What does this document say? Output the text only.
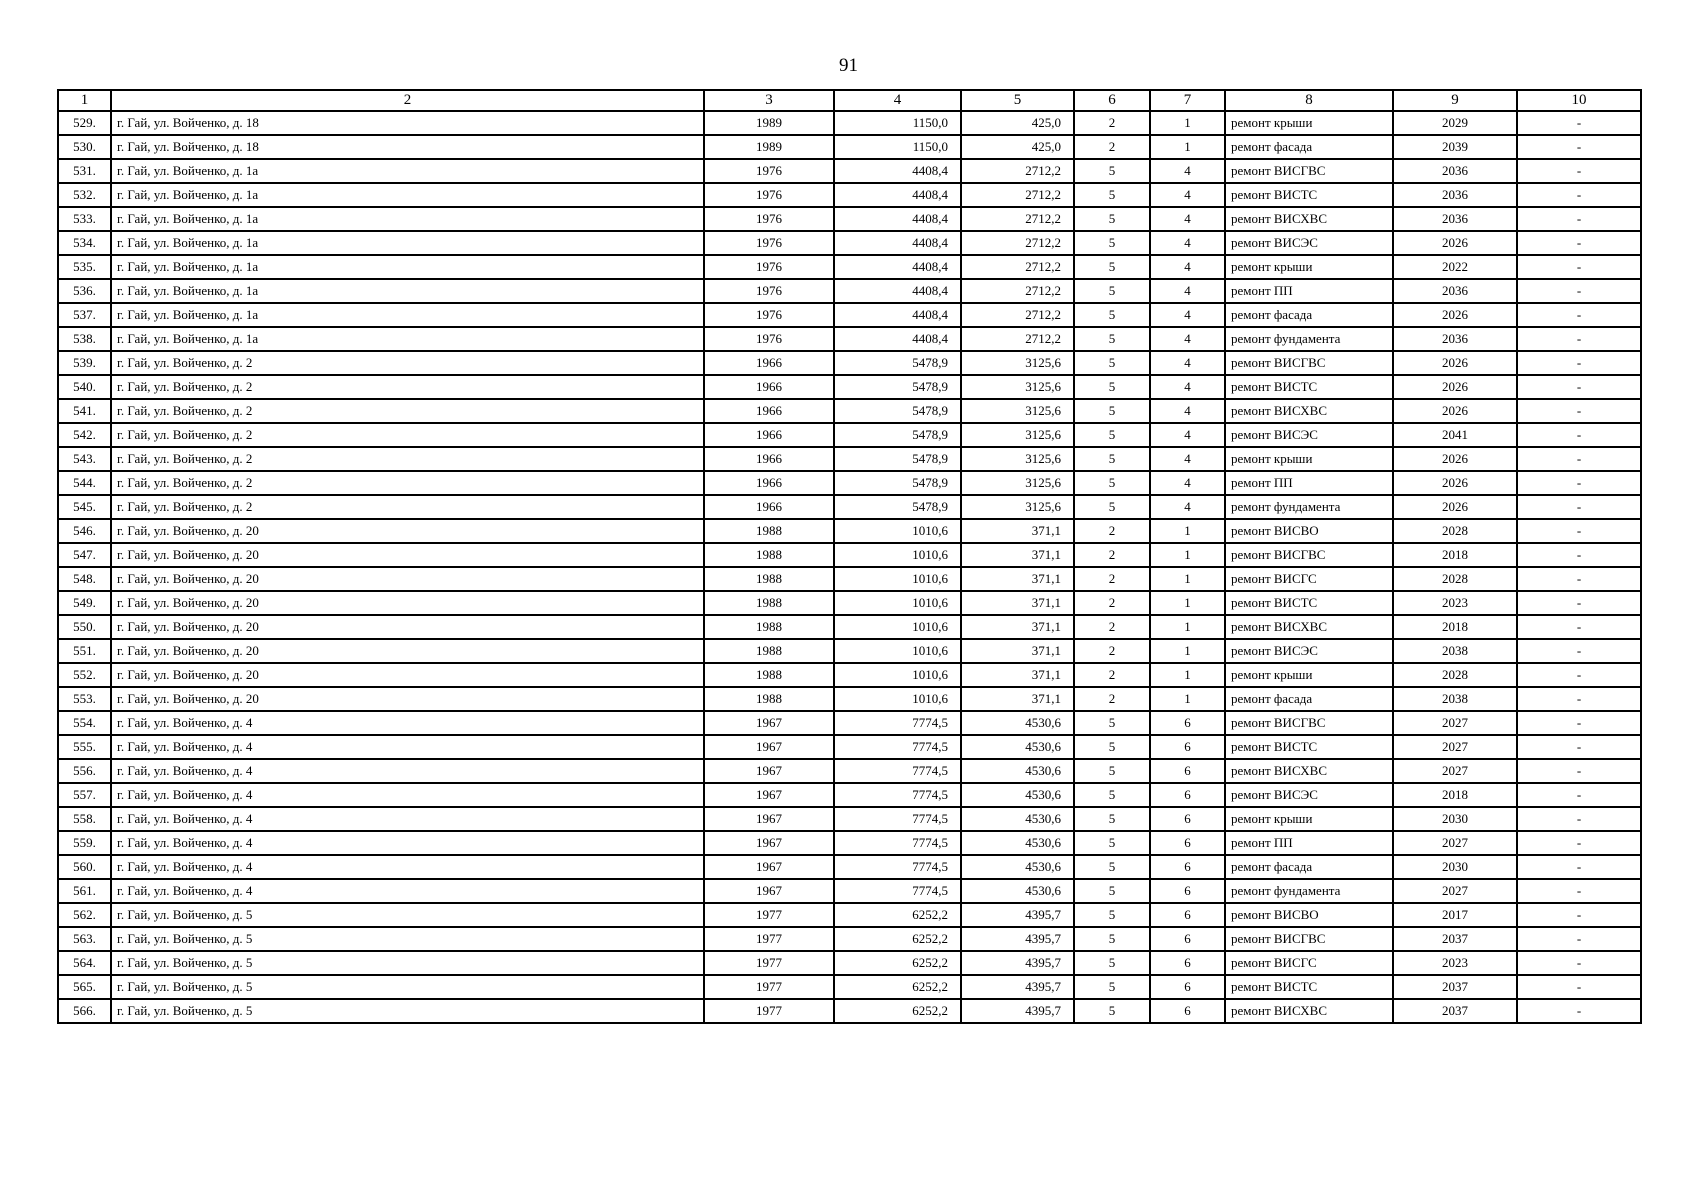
91
1	2	3	4	5	6	7	8	9	10
529.	г. Гай, ул. Войченко, д. 18	1989	1150,0	425,0	2	1	ремонт крыши	2029	-
530.	г. Гай, ул. Войченко, д. 18	1989	1150,0	425,0	2	1	ремонт фасада	2039	-
531.	г. Гай, ул. Войченко, д. 1а	1976	4408,4	2712,2	5	4	ремонт ВИСГВС	2036	-
532.	г. Гай, ул. Войченко, д. 1а	1976	4408,4	2712,2	5	4	ремонт ВИСТС	2036	-
533.	г. Гай, ул. Войченко, д. 1а	1976	4408,4	2712,2	5	4	ремонт ВИСХВС	2036	-
534.	г. Гай, ул. Войченко, д. 1а	1976	4408,4	2712,2	5	4	ремонт ВИСЭС	2026	-
535.	г. Гай, ул. Войченко, д. 1а	1976	4408,4	2712,2	5	4	ремонт крыши	2022	-
536.	г. Гай, ул. Войченко, д. 1а	1976	4408,4	2712,2	5	4	ремонт ПП	2036	-
537.	г. Гай, ул. Войченко, д. 1а	1976	4408,4	2712,2	5	4	ремонт фасада	2026	-
538.	г. Гай, ул. Войченко, д. 1а	1976	4408,4	2712,2	5	4	ремонт фундамента	2036	-
539.	г. Гай, ул. Войченко, д. 2	1966	5478,9	3125,6	5	4	ремонт ВИСГВС	2026	-
540.	г. Гай, ул. Войченко, д. 2	1966	5478,9	3125,6	5	4	ремонт ВИСТС	2026	-
541.	г. Гай, ул. Войченко, д. 2	1966	5478,9	3125,6	5	4	ремонт ВИСХВС	2026	-
542.	г. Гай, ул. Войченко, д. 2	1966	5478,9	3125,6	5	4	ремонт ВИСЭС	2041	-
543.	г. Гай, ул. Войченко, д. 2	1966	5478,9	3125,6	5	4	ремонт крыши	2026	-
544.	г. Гай, ул. Войченко, д. 2	1966	5478,9	3125,6	5	4	ремонт ПП	2026	-
545.	г. Гай, ул. Войченко, д. 2	1966	5478,9	3125,6	5	4	ремонт фундамента	2026	-
546.	г. Гай, ул. Войченко, д. 20	1988	1010,6	371,1	2	1	ремонт ВИСВО	2028	-
547.	г. Гай, ул. Войченко, д. 20	1988	1010,6	371,1	2	1	ремонт ВИСГВС	2018	-
548.	г. Гай, ул. Войченко, д. 20	1988	1010,6	371,1	2	1	ремонт ВИСГС	2028	-
549.	г. Гай, ул. Войченко, д. 20	1988	1010,6	371,1	2	1	ремонт ВИСТС	2023	-
550.	г. Гай, ул. Войченко, д. 20	1988	1010,6	371,1	2	1	ремонт ВИСХВС	2018	-
551.	г. Гай, ул. Войченко, д. 20	1988	1010,6	371,1	2	1	ремонт ВИСЭС	2038	-
552.	г. Гай, ул. Войченко, д. 20	1988	1010,6	371,1	2	1	ремонт крыши	2028	-
553.	г. Гай, ул. Войченко, д. 20	1988	1010,6	371,1	2	1	ремонт фасада	2038	-
554.	г. Гай, ул. Войченко, д. 4	1967	7774,5	4530,6	5	6	ремонт ВИСГВС	2027	-
555.	г. Гай, ул. Войченко, д. 4	1967	7774,5	4530,6	5	6	ремонт ВИСТС	2027	-
556.	г. Гай, ул. Войченко, д. 4	1967	7774,5	4530,6	5	6	ремонт ВИСХВС	2027	-
557.	г. Гай, ул. Войченко, д. 4	1967	7774,5	4530,6	5	6	ремонт ВИСЭС	2018	-
558.	г. Гай, ул. Войченко, д. 4	1967	7774,5	4530,6	5	6	ремонт крыши	2030	-
559.	г. Гай, ул. Войченко, д. 4	1967	7774,5	4530,6	5	6	ремонт ПП	2027	-
560.	г. Гай, ул. Войченко, д. 4	1967	7774,5	4530,6	5	6	ремонт фасада	2030	-
561.	г. Гай, ул. Войченко, д. 4	1967	7774,5	4530,6	5	6	ремонт фундамента	2027	-
562.	г. Гай, ул. Войченко, д. 5	1977	6252,2	4395,7	5	6	ремонт ВИСВО	2017	-
563.	г. Гай, ул. Войченко, д. 5	1977	6252,2	4395,7	5	6	ремонт ВИСГВС	2037	-
564.	г. Гай, ул. Войченко, д. 5	1977	6252,2	4395,7	5	6	ремонт ВИСГС	2023	-
565.	г. Гай, ул. Войченко, д. 5	1977	6252,2	4395,7	5	6	ремонт ВИСТС	2037	-
566.	г. Гай, ул. Войченко, д. 5	1977	6252,2	4395,7	5	6	ремонт ВИСХВС	2037	-
